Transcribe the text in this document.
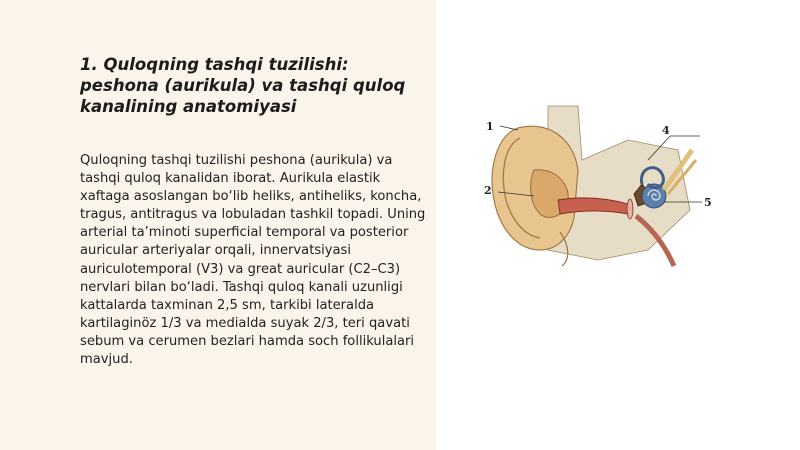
1. Quloqning tashqi tuzilishi: peshona (aurikula) va tashqi quloq kanalining anatomiyasi

Quloqning tashqi tuzilishi peshona (aurikula) va tashqi quloq kanalidan iborat. Aurikula elastik xaftaga asoslangan bo‘lib heliks, antiheliks, koncha, tragus, antitragus va lobuladan tashkil topadi. Uning arterial ta’minoti superficial temporal va posterior auricular arteriyalar orqali, innervatsiyasi auriculotemporal (V3) va great auricular (C2–C3) nervlari bilan bo‘ladi. Tashqi quloq kanali uzunligi kattalarda taxminan 2,5 sm, tarkibi lateralda kartilaginöz 1/3 va medialda suyak 2/3, teri qavati sebum va cerumen bezlari hamda soch follikulalari mavjud.

1
2
4
5
